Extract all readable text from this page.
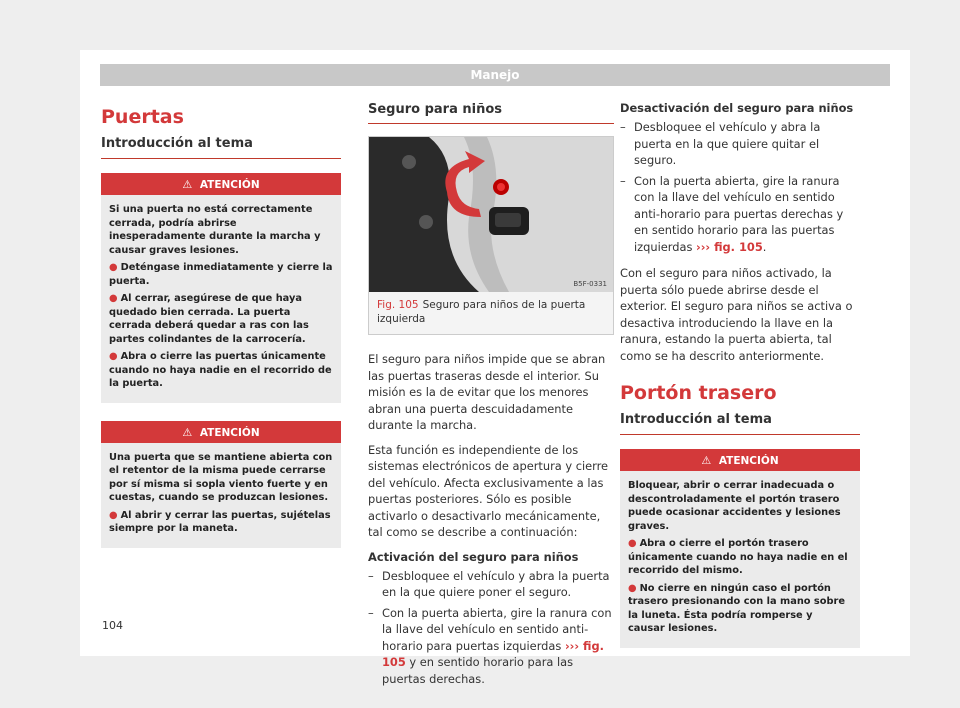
Manejo
Puertas
Introducción al tema
⚠ ATENCIÓN

Si una puerta no está correctamente cerrada, podría abrirse inesperadamente durante la marcha y causar graves lesiones.

● Deténgase inmediatamente y cierre la puerta.

● Al cerrar, asegúrese de que haya quedado bien cerrada. La puerta cerrada deberá quedar a ras con las partes colindantes de la carrocería.

● Abra o cierre las puertas únicamente cuando no haya nadie en el recorrido de la puerta.

⚠ ATENCIÓN

Una puerta que se mantiene abierta con el retentor de la misma puede cerrarse por sí misma si sopla viento fuerte y en cuestas, cuando se produzcan lesiones.

● Al abrir y cerrar las puertas, sujételas siempre por la maneta.

Seguro para niños
B5F-0331
Fig. 105 Seguro para niños de la puerta izquierda

El seguro para niños impide que se abran las puertas traseras desde el interior. Su misión es la de evitar que los menores abran una puerta descuidadamente durante la marcha.

Esta función es independiente de los sistemas electrónicos de apertura y cierre del vehículo. Afecta exclusivamente a las puertas posteriores. Sólo es posible activarlo o desactivarlo mecánicamente, tal como se describe a continuación:

Activación del seguro para niños

– Desbloquee el vehículo y abra la puerta en la que quiere poner el seguro.

– Con la puerta abierta, gire la ranura con la llave del vehículo en sentido anti-horario para puertas izquierdas ››› fig. 105 y en sentido horario para las puertas derechas.

Desactivación del seguro para niños

– Desbloquee el vehículo y abra la puerta en la que quiere quitar el seguro.

– Con la puerta abierta, gire la ranura con la llave del vehículo en sentido anti-horario para puertas derechas y en sentido horario para las puertas izquierdas ››› fig. 105.

Con el seguro para niños activado, la puerta sólo puede abrirse desde el exterior. El seguro para niños se activa o desactiva introduciendo la llave en la ranura, estando la puerta abierta, tal como se ha descrito anteriormente.

Portón trasero
Introducción al tema
⚠ ATENCIÓN

Bloquear, abrir o cerrar inadecuada o descontroladamente el portón trasero puede ocasionar accidentes y lesiones graves.

● Abra o cierre el portón trasero únicamente cuando no haya nadie en el recorrido del mismo.

● No cierre en ningún caso el portón trasero presionando con la mano sobre la luneta. Ésta podría romperse y causar lesiones.

104
